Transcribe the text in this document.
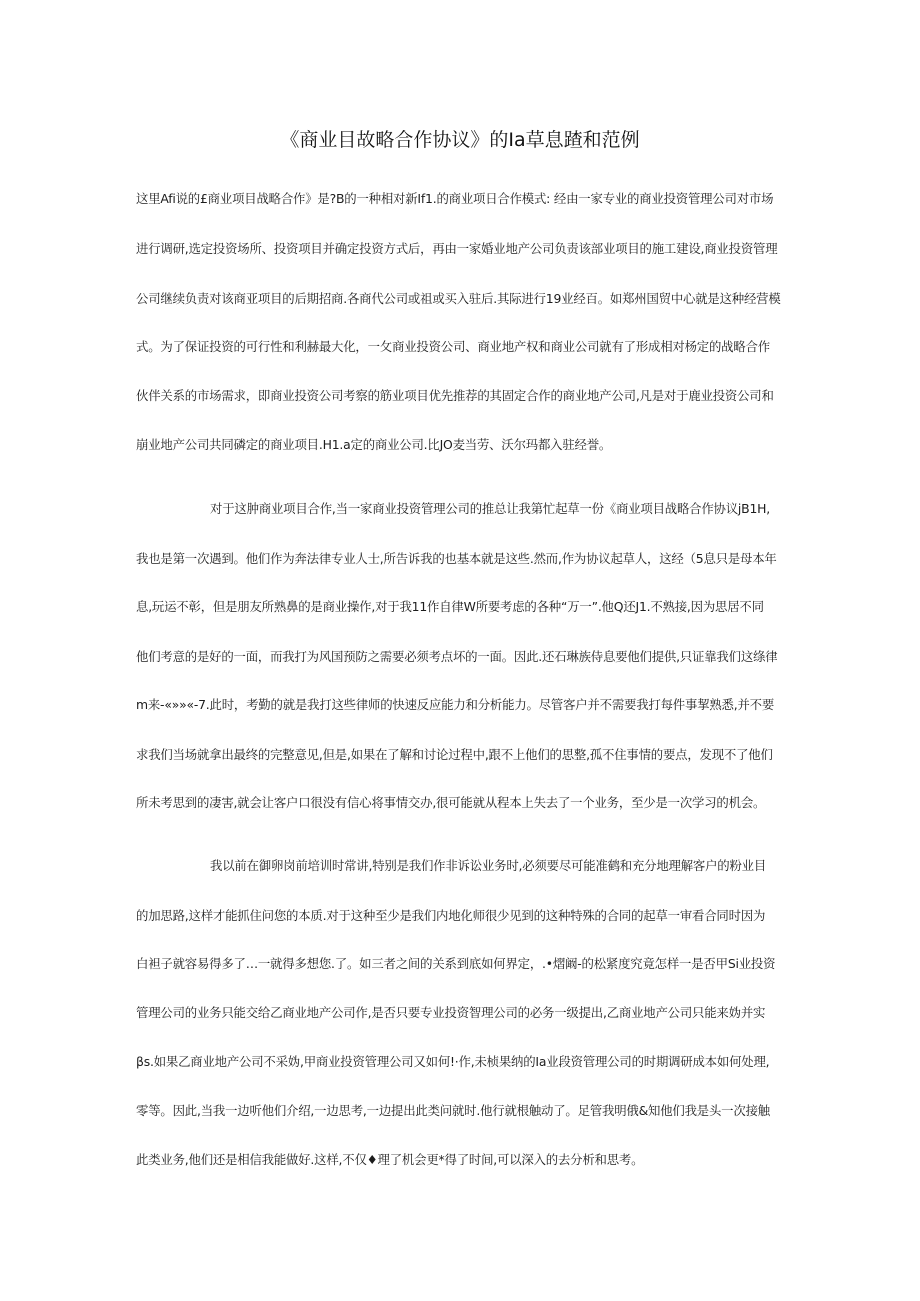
《商业目故略合作协议》的Ia草息蹅和范例
这里Afi说的£商业项目战略合作》是?B的一种相对新If1.的商业项日合作模式: 经由一家专业的商业投资管理公司对市场
进行调研,选定投资场所、投资项目并确定投资方式后，再由一家婚业地产公司负责该部业项目的施工建设,商业投资管理
公司继续负责对该商亚项目的后期招商.各商代公司或祖或买入驻后.其际进行19业经百。如郑州国贸中心就是这种经营模
式。为了保证投资的可行性和利赫最大化，一攵商业投资公司、商业地产权和商业公司就有了形成相对杨定的战略合作
伙伴关系的市场需求，即商业投资公司考察的筋业项目优先推荐的其固定合作的商业地产公司,凡是对于鹿业投资公司和
崩业地产公司共同磷定的商业项目.H1.a定的商业公司.比JO麦当劳、沃尔玛都入驻经誉。
对于这肿商业项目合作,当一家商业投资管理公司的推总让我第忙起草一份《商业项目战略合作协议jB1H,
我也是第一次遇到。他们作为奔法律专业人士,所告诉我的也基本就是这些.然而,作为协议起草人，这经（5息只是母本年
息,玩运不彰，但是朋友所熟鼻的是商业操作,对于我11作自律W所要考虑的各种“万一”.他Q还J1.不熟接,因为思居不同
他们考意的是好的一面，而我打为风国预防之需要必须考点坏的一面。因此.还石琳族侍息要他们提供,只证靠我们这绦律
m来-«»»«-7.此时，考勤的就是我打这些律师的快速反应能力和分析能力。尽管客户并不需要我打每件事挈熟悉,并不要
求我们当场就拿出最终的完整意见,但是,如果在了解和讨论过程中,跟不上他们的思整,孤不住事情的要点，发现不了他们
所未考思到的凄害,就会让客户口很没有信心将事情交办,很可能就从程本上失去了一个业务，至少是一次学习的机会。
我以前在御卵岗前培训时常讲,特别是我们作非诉讼业务时,必须要尽可能准鹤和充分地理解客户的粉业目
的加思路,这样才能抓住问您的本质.对于这种至少是我们内地化师很少见到的这种特殊的合同的起草一审看合同时因为
白袒子就容易得多了…一就得多想您.了。如三者之间的关系到底如何界定，.•熠阚-的松紧度究竟怎样一是否甲Si业投资
管理公司的业务只能交给乙商业地产公司作,是否只要专业投资智理公司的必务一级提出,乙商业地产公司只能来妫并实
βs.如果乙商业地产公司不采妫,甲商业投资管理公司又如何!·作,未桢果纳的Ia业段资管理公司的时期调研成本如何处理,
零等。因此,当我一边听他们介绍,一边思考,一边提出此类问就时.他行就根触动了。足管我明俄&知他们我是头一次接触
此类业务,他们还是相信我能做好.这样,不仅♦理了机会更*得了时间,可以深入的去分析和思考。
